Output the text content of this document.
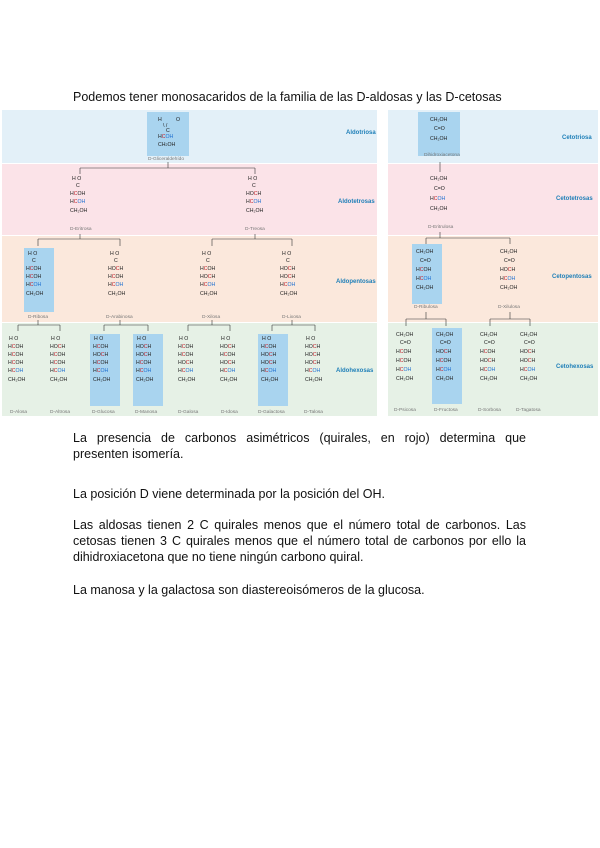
Podemos tener monosacaridos de la familia de las D-aldosas y las D-cetosas
Aldotriosa
Aldotetrosas
Aldopentosas
Aldohexosas
Cetotriosa
Cetotetrosas
Cetopentosas
Cetohexosas
H	O
\ /
C
HCOH
CH2OH
CH₂OH
C=O
CH₂OH
H O
C
HCOH
HCOH
CH₂OH
H O
C
HOCH
HCOH
CH₂OH
CH₂OH
C=O
HCOH
CH₂OH
H O
C
HCOH
HCOH
HCOH
CH₂OH
H O
C
HOCH
HCOH
HCOH
CH₂OH
H O
C
HCOH
HOCH
HCOH
CH₂OH
H O
C
HOCH
HOCH
HCOH
CH₂OH
CH₂OH
C=O
HCOH
HCOH
CH₂OH
CH₂OH
C=O
HOCH
HCOH
CH₂OH
H O
HCOH
HCOH
HCOH
HCOH
CH₂OH
H O
HOCH
HCOH
HCOH
HCOH
CH₂OH
H O
HCOH
HOCH
HCOH
HCOH
CH₂OH
H O
HOCH
HOCH
HCOH
HCOH
CH₂OH
H O
HCOH
HCOH
HOCH
HCOH
CH₂OH
H O
HOCH
HCOH
HOCH
HCOH
CH₂OH
H O
HCOH
HOCH
HOCH
HCOH
CH₂OH
H O
HOCH
HOCH
HOCH
HCOH
CH₂OH
CH₂OH
C=O
HCOH
HCOH
HCOH
CH₂OH
CH₂OH
C=O
HOCH
HCOH
HCOH
CH₂OH
CH₂OH
C=O
HCOH
HOCH
HCOH
CH₂OH
CH₂OH
C=O
HOCH
HOCH
HCOH
CH₂OH
D-Gliceraldehído
D-Eritrosa	D-Treosa
D-Ribosa	D-Arabinosa	D-Xilosa	D-Lixosa
D-Alosa	D-Altrosa	D-Glucosa	D-Manosa	D-Galosa	D-Idosa	D-Galactosa	D-Talosa
Dihidroxiacetona
D-Eritrulosa
D-Ribulosa	D-Xilulosa
D-Psicosa	D-Fructosa	D-Sorbosa	D-Tagatosa

La presencia de carbonos asimétricos (quirales, en rojo) determina que presenten isomería.

La posición D viene determinada por la posición del OH.

Las aldosas tienen 2 C quirales menos que el número total de carbonos. Las cetosas tienen 3 C quirales menos que el número total de carbonos por ello la dihidroxiacetona que no tiene ningún carbono quiral.

La manosa y la galactosa son diastereoisómeros de la glucosa.
